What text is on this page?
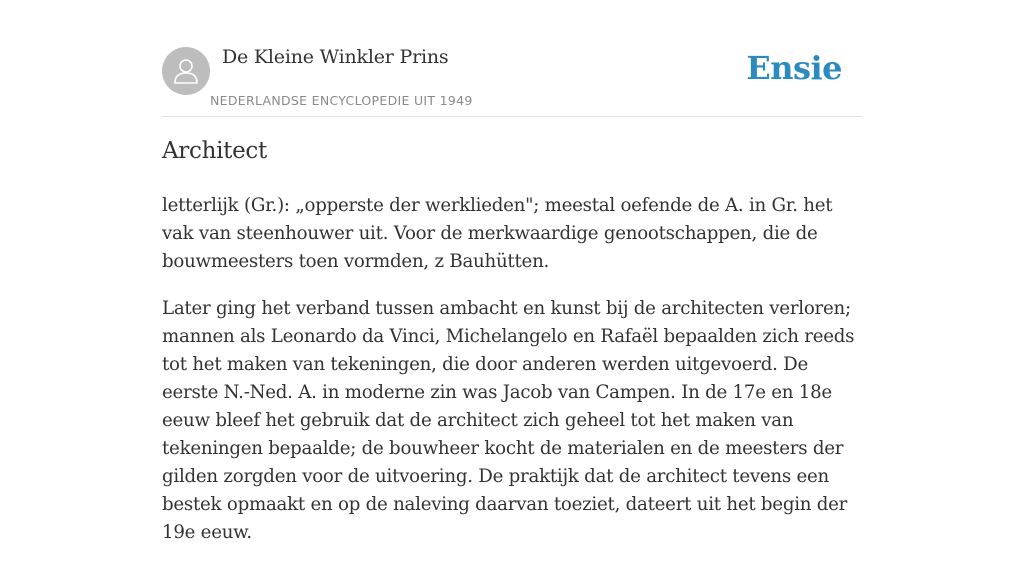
De Kleine Winkler Prins
NEDERLANDSE ENCYCLOPEDIE UIT 1949
Ensie
Architect

letterlijk (Gr.): „opperste der werklieden"; meestal oefende de A. in Gr. het vak van steenhouwer uit. Voor de merkwaardige genootschappen, die de bouwmeesters toen vormden, z Bauhütten.

Later ging het verband tussen ambacht en kunst bij de architecten verloren; mannen als Leonardo da Vinci, Michelangelo en Rafaël bepaalden zich reeds tot het maken van tekeningen, die door anderen werden uitgevoerd. De eerste N.-Ned. A. in moderne zin was Jacob van Campen. In de 17e en 18e eeuw bleef het gebruik dat de architect zich geheel tot het maken van tekeningen bepaalde; de bouwheer kocht de materialen en de meesters der gilden zorgden voor de uitvoering. De praktijk dat de architect tevens een bestek opmaakt en op de naleving daarvan toeziet, dateert uit het begin der 19e eeuw.
